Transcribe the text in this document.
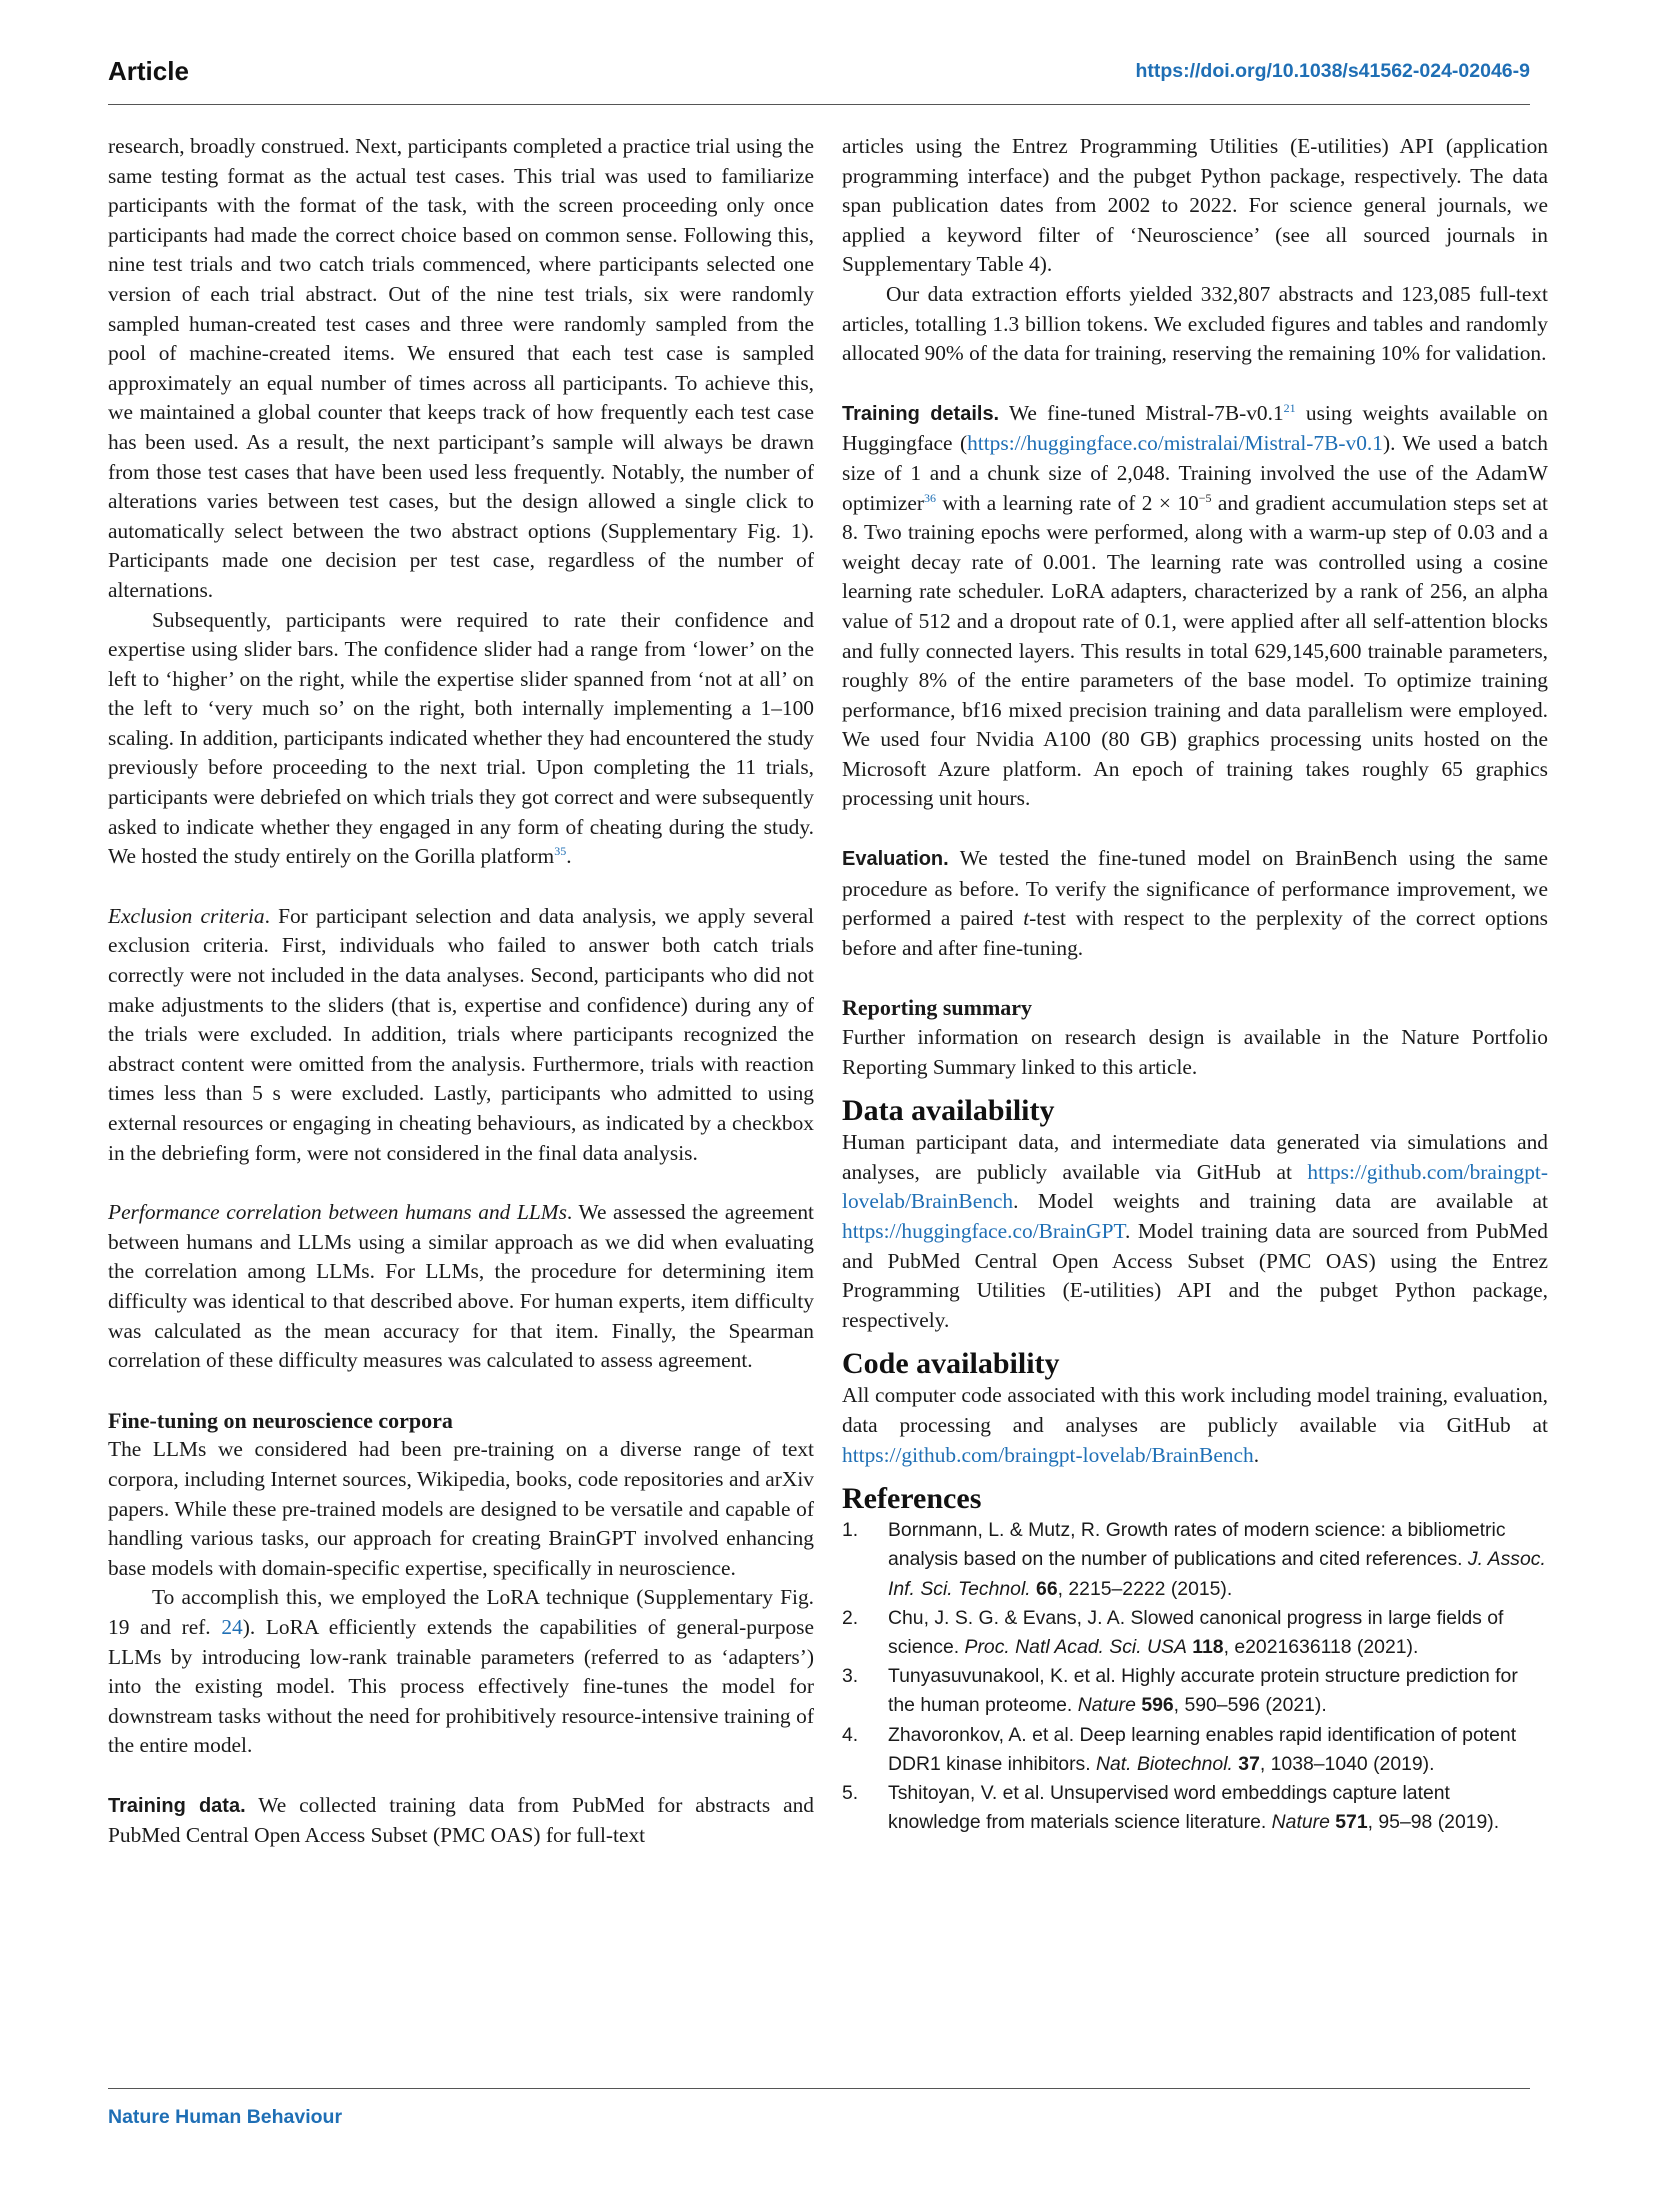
Article	https://doi.org/10.1038/s41562-024-02046-9

research, broadly construed. Next, participants completed a practice trial using the same testing format as the actual test cases. This trial was used to familiarize participants with the format of the task, with the screen proceeding only once participants had made the correct choice based on common sense. Following this, nine test trials and two catch trials commenced, where participants selected one version of each trial abstract. Out of the nine test trials, six were randomly sampled human-created test cases and three were randomly sampled from the pool of machine-created items. We ensured that each test case is sampled approximately an equal number of times across all participants. To achieve this, we maintained a global counter that keeps track of how frequently each test case has been used. As a result, the next participant’s sample will always be drawn from those test cases that have been used less frequently. Notably, the number of alterations varies between test cases, but the design allowed a single click to automatically select between the two abstract options (Supplementary Fig. 1). Participants made one decision per test case, regardless of the number of alternations.

Subsequently, participants were required to rate their confidence and expertise using slider bars. The confidence slider had a range from ‘lower’ on the left to ‘higher’ on the right, while the expertise slider spanned from ‘not at all’ on the left to ‘very much so’ on the right, both internally implementing a 1–100 scaling. In addition, participants indicated whether they had encountered the study previously before proceeding to the next trial. Upon completing the 11 trials, participants were debriefed on which trials they got correct and were subsequently asked to indicate whether they engaged in any form of cheating during the study. We hosted the study entirely on the Gorilla platform$^{35}$.

Exclusion criteria. For participant selection and data analysis, we apply several exclusion criteria. First, individuals who failed to answer both catch trials correctly were not included in the data analyses. Second, participants who did not make adjustments to the sliders (that is, expertise and confidence) during any of the trials were excluded. In addition, trials where participants recognized the abstract content were omitted from the analysis. Furthermore, trials with reaction times less than 5 s were excluded. Lastly, participants who admitted to using external resources or engaging in cheating behaviours, as indicated by a checkbox in the debriefing form, were not considered in the final data analysis.

Performance correlation between humans and LLMs. We assessed the agreement between humans and LLMs using a similar approach as we did when evaluating the correlation among LLMs. For LLMs, the procedure for determining item difficulty was identical to that described above. For human experts, item difficulty was calculated as the mean accuracy for that item. Finally, the Spearman correlation of these difficulty measures was calculated to assess agreement.

Fine-tuning on neuroscience corpora

The LLMs we considered had been pre-training on a diverse range of text corpora, including Internet sources, Wikipedia, books, code repositories and arXiv papers. While these pre-trained models are designed to be versatile and capable of handling various tasks, our approach for creating BrainGPT involved enhancing base models with domain-specific expertise, specifically in neuroscience.

To accomplish this, we employed the LoRA technique (Supplementary Fig. 19 and ref. 24). LoRA efficiently extends the capabilities of general-purpose LLMs by introducing low-rank trainable parameters (referred to as ‘adapters’) into the existing model. This process effectively fine-tunes the model for downstream tasks without the need for prohibitively resource-intensive training of the entire model.

Training data. We collected training data from PubMed for abstracts and PubMed Central Open Access Subset (PMC OAS) for full-text

articles using the Entrez Programming Utilities (E-utilities) API (application programming interface) and the pubget Python package, respectively. The data span publication dates from 2002 to 2022. For science general journals, we applied a keyword filter of ‘Neuroscience’ (see all sourced journals in Supplementary Table 4).

Our data extraction efforts yielded 332,807 abstracts and 123,085 full-text articles, totalling 1.3 billion tokens. We excluded figures and tables and randomly allocated 90% of the data for training, reserving the remaining 10% for validation.

Training details. We fine-tuned Mistral-$7B-v0.1^{21}$ using weights available on Huggingface (https://huggingface.co/mistralai/Mistral-7B-v0.1). We used a batch size of 1 and a chunk size of 2,048. Training involved the use of the AdamW optimizer$^{36}$ with a learning rate of $2 \times 10^{-5}$ and gradient accumulation steps set at 8. Two training epochs were performed, along with a warm-up step of 0.03 and a weight decay rate of 0.001. The learning rate was controlled using a cosine learning rate scheduler. LoRA adapters, characterized by a rank of 256, an alpha value of 512 and a dropout rate of 0.1, were applied after all self-attention blocks and fully connected layers. This results in total 629,145,600 trainable parameters, roughly 8% of the entire parameters of the base model. To optimize training performance, bf16 mixed precision training and data parallelism were employed. We used four Nvidia A100 (80 GB) graphics processing units hosted on the Microsoft Azure platform. An epoch of training takes roughly 65 graphics processing unit hours.

Evaluation. We tested the fine-tuned model on BrainBench using the same procedure as before. To verify the significance of performance improvement, we performed a paired t-test with respect to the perplexity of the correct options before and after fine-tuning.

Reporting summary

Further information on research design is available in the Nature Portfolio Reporting Summary linked to this article.

Data availability

Human participant data, and intermediate data generated via simulations and analyses, are publicly available via GitHub at https://github.com/braingpt-lovelab/BrainBench. Model weights and training data are available at https://huggingface.co/BrainGPT. Model training data are sourced from PubMed and PubMed Central Open Access Subset (PMC OAS) using the Entrez Programming Utilities (E-utilities) API and the pubget Python package, respectively.

Code availability

All computer code associated with this work including model training, evaluation, data processing and analyses are publicly available via GitHub at https://github.com/braingpt-lovelab/BrainBench.

References
1. Bornmann, L. & Mutz, R. Growth rates of modern science: a bibliometric analysis based on the number of publications and cited references. J. Assoc. Inf. Sci. Technol. 66, 2215–2222 (2015).
2. Chu, J. S. G. & Evans, J. A. Slowed canonical progress in large fields of science. Proc. Natl Acad. Sci. USA 118, e2021636118 (2021).
3. Tunyasuvunakool, K. et al. Highly accurate protein structure prediction for the human proteome. Nature 596, 590–596 (2021).
4. Zhavoronkov, A. et al. Deep learning enables rapid identification of potent DDR1 kinase inhibitors. Nat. Biotechnol. 37, 1038–1040 (2019).
5. Tshitoyan, V. et al. Unsupervised word embeddings capture latent knowledge from materials science literature. Nature 571, 95–98 (2019).
Nature Human Behaviour
